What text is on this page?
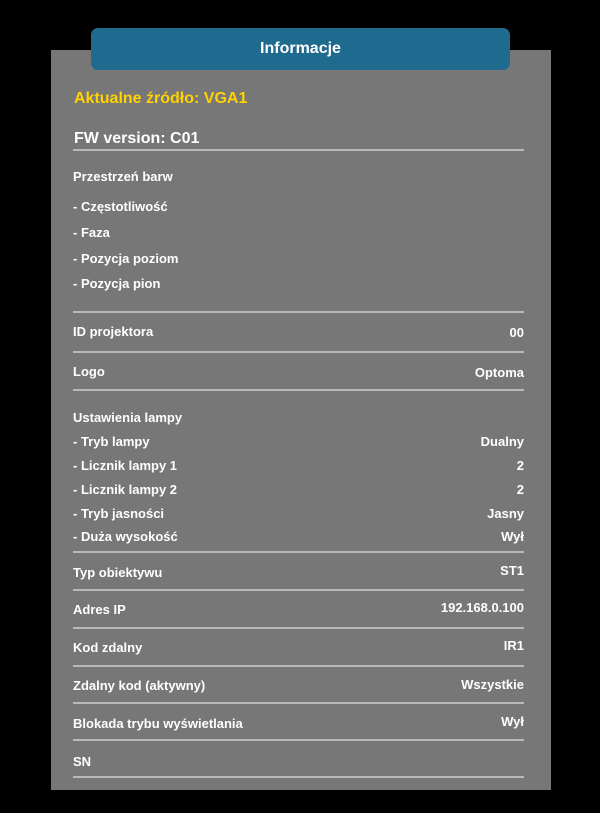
Informacje
Aktualne źródło: VGA1
FW version: C01
Przestrzeń barw
- Częstotliwość
- Faza
- Pozycja poziom
- Pozycja pion
ID projektora	00
Logo	Optoma
Ustawienia lampy
- Tryb lampy	Dualny
- Licznik lampy 1	2
- Licznik lampy 2	2
- Tryb jasności	Jasny
- Duża wysokość	Wył
Typ obiektywu	ST1
Adres IP	192.168.0.100
Kod zdalny	IR1
Zdalny kod (aktywny)	Wszystkie
Blokada trybu wyświetlania	Wył
SN
